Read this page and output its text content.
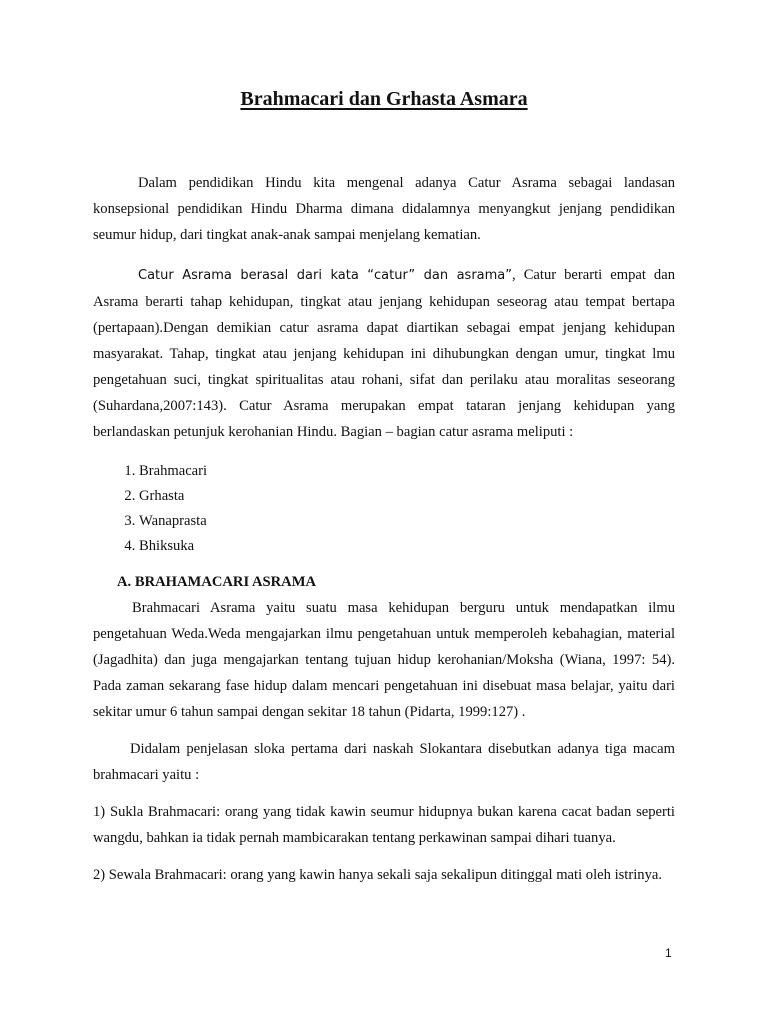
Brahmacari dan Grhasta Asmara

Dalam pendidikan Hindu kita mengenal adanya Catur Asrama sebagai landasan konsepsional pendidikan Hindu Dharma dimana didalamnya menyangkut jenjang pendidikan seumur hidup, dari tingkat anak-anak sampai menjelang kematian.

Catur Asrama berasal dari kata “catur” dan asrama”, Catur berarti empat dan Asrama berarti tahap kehidupan, tingkat atau jenjang kehidupan seseorag atau tempat bertapa (pertapaan).Dengan demikian catur asrama dapat diartikan sebagai empat jenjang kehidupan masyarakat. Tahap, tingkat atau jenjang kehidupan ini dihubungkan dengan umur, tingkat lmu pengetahuan suci, tingkat spiritualitas atau rohani, sifat dan perilaku atau moralitas seseorang (Suhardana,2007:143). Catur Asrama merupakan empat tataran jenjang kehidupan yang berlandaskan petunjuk kerohanian Hindu. Bagian – bagian catur asrama meliputi :

1. Brahmacari
2. Grhasta
3. Wanaprasta
4. Bhiksuka

A. BRAHAMACARI ASRAMA

Brahmacari Asrama yaitu suatu masa kehidupan berguru untuk mendapatkan ilmu pengetahuan Weda.Weda mengajarkan ilmu pengetahuan untuk memperoleh kebahagian, material (Jagadhita) dan juga mengajarkan tentang tujuan hidup kerohanian/Moksha (Wiana, 1997: 54). Pada zaman sekarang fase hidup dalam mencari pengetahuan ini disebuat masa belajar, yaitu dari sekitar umur 6 tahun sampai dengan sekitar 18 tahun (Pidarta, 1999:127) .

Didalam penjelasan sloka pertama dari naskah Slokantara disebutkan adanya tiga macam brahmacari yaitu :

1) Sukla Brahmacari: orang yang tidak kawin seumur hidupnya bukan karena cacat badan seperti wangdu, bahkan ia tidak pernah mambicarakan tentang perkawinan sampai dihari tuanya.

2) Sewala Brahmacari: orang yang kawin hanya sekali saja sekalipun ditinggal mati oleh istrinya.

1
